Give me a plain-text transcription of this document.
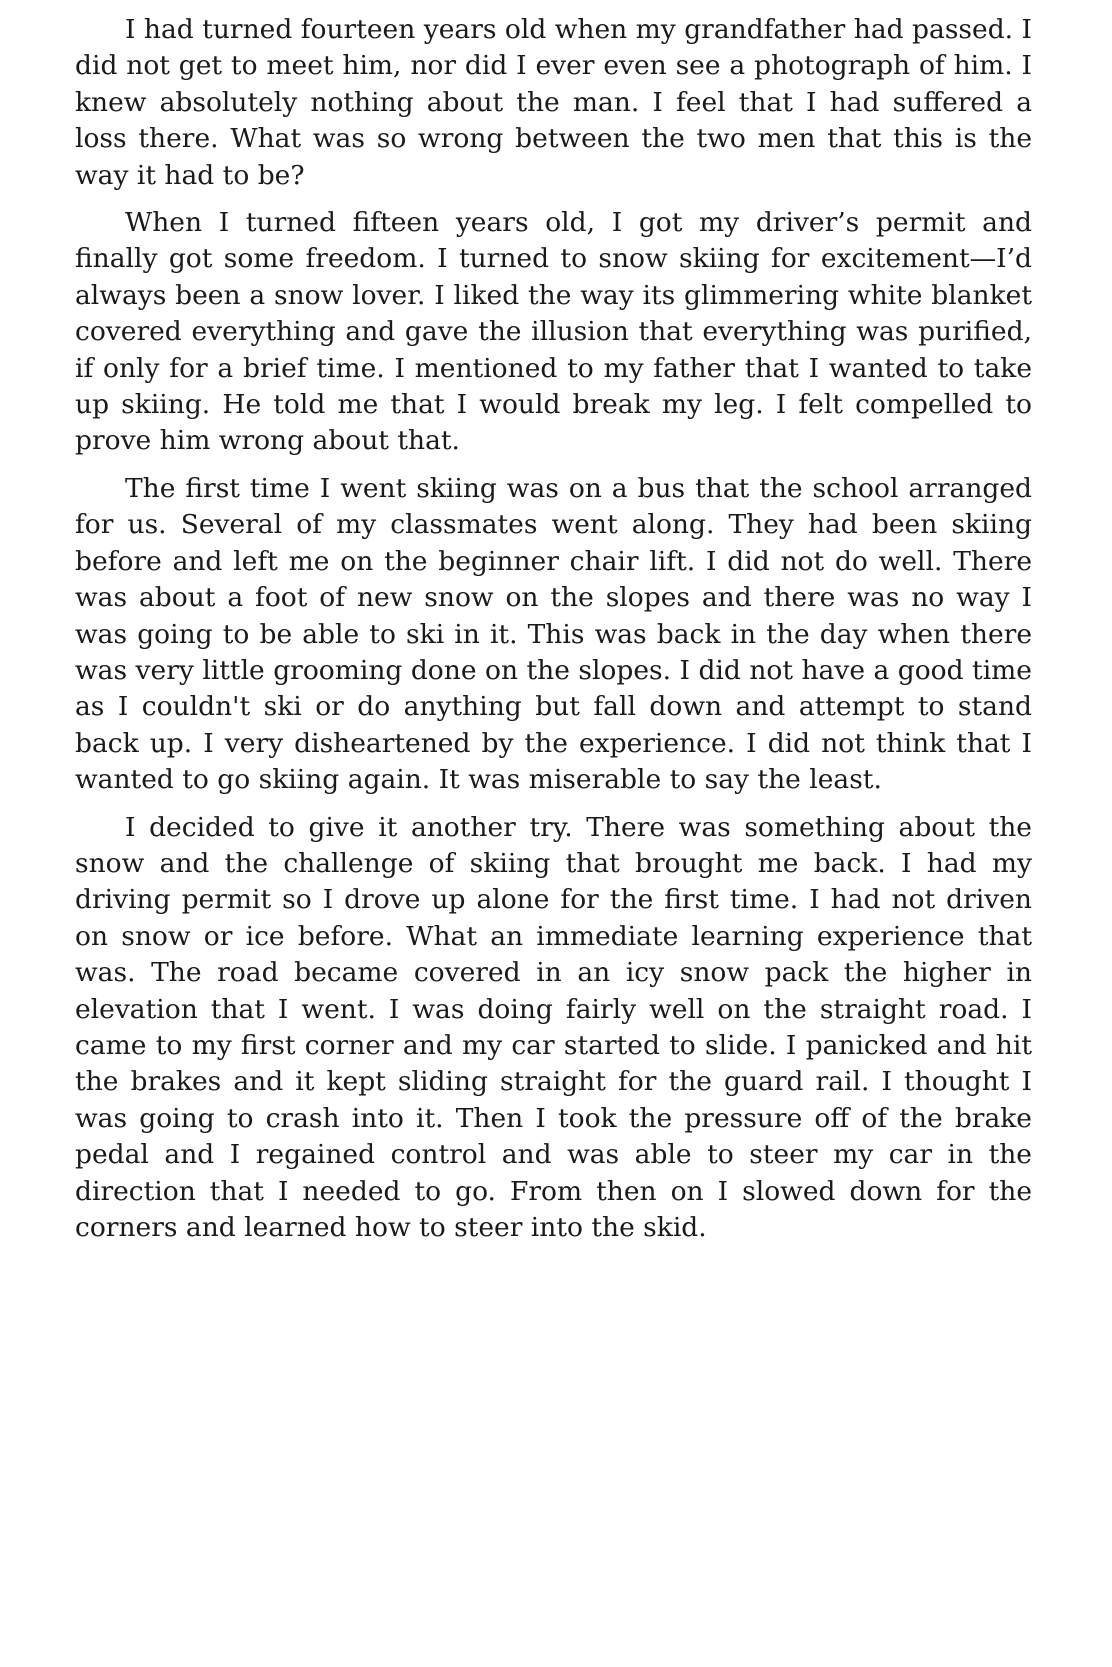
I had turned fourteen years old when my grandfather had passed. I did not get to meet him, nor did I ever even see a photograph of him. I knew absolutely nothing about the man. I feel that I had suffered a loss there. What was so wrong between the two men that this is the way it had to be?

When I turned fifteen years old, I got my driver’s permit and finally got some freedom. I turned to snow skiing for excitement—I’d always been a snow lover. I liked the way its glimmering white blanket covered everything and gave the illusion that everything was purified, if only for a brief time. I mentioned to my father that I wanted to take up skiing. He told me that I would break my leg. I felt compelled to prove him wrong about that.

The first time I went skiing was on a bus that the school arranged for us. Several of my classmates went along. They had been skiing before and left me on the beginner chair lift. I did not do well. There was about a foot of new snow on the slopes and there was no way I was going to be able to ski in it. This was back in the day when there was very little grooming done on the slopes. I did not have a good time as I couldn't ski or do anything but fall down and attempt to stand back up. I very disheartened by the experience. I did not think that I wanted to go skiing again. It was miserable to say the least.

I decided to give it another try. There was something about the snow and the challenge of skiing that brought me back. I had my driving permit so I drove up alone for the first time. I had not driven on snow or ice before. What an immediate learning experience that was. The road became covered in an icy snow pack the higher in elevation that I went. I was doing fairly well on the straight road. I came to my first corner and my car started to slide. I panicked and hit the brakes and it kept sliding straight for the guard rail. I thought I was going to crash into it. Then I took the pressure off of the brake pedal and I regained control and was able to steer my car in the direction that I needed to go. From then on I slowed down for the corners and learned how to steer into the skid.
